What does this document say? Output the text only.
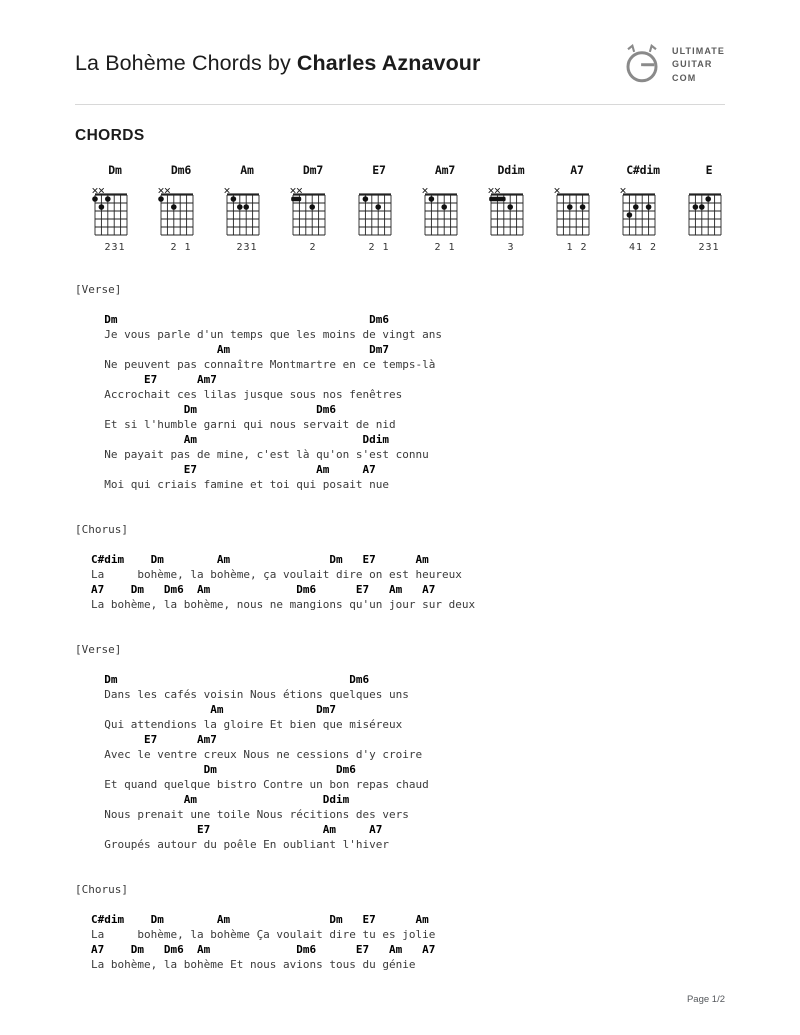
La Bohème Chords by Charles Aznavour	ULTIMATE
GUITAR
COM
CHORDS
Dm
231
Dm6
2 1
Am
231
Dm7
2
E7
2 1
Am7
2 1
Ddim
3
A7
1 2
C#dim
41 2
E
231
[Verse]
Dm                                      Dm6
Je vous parle d'un temps que les moins de vingt ans
Am                     Dm7
Ne peuvent pas connaître Montmartre en ce temps-là
E7      Am7
Accrochait ces lilas jusque sous nos fenêtres
Dm                  Dm6
Et si l'humble garni qui nous servait de nid
Am                         Ddim
Ne payait pas de mine, c'est là qu'on s'est connu
E7                  Am     A7
Moi qui criais famine et toi qui posait nue
[Chorus]
C#dim    Dm        Am               Dm   E7      Am
La     bohème, la bohème, ça voulait dire on est heureux
A7    Dm   Dm6  Am             Dm6      E7   Am   A7
La bohème, la bohème, nous ne mangions qu'un jour sur deux
[Verse]
Dm                                   Dm6
Dans les cafés voisin Nous étions quelques uns
Am              Dm7
Qui attendions la gloire Et bien que miséreux
E7      Am7
Avec le ventre creux Nous ne cessions d'y croire
Dm                  Dm6
Et quand quelque bistro Contre un bon repas chaud
Am                   Ddim
Nous prenait une toile Nous récitions des vers
E7                 Am     A7
Groupés autour du poêle En oubliant l'hiver
[Chorus]
C#dim    Dm        Am               Dm   E7      Am
La     bohème, la bohème Ça voulait dire tu es jolie
A7    Dm   Dm6  Am             Dm6      E7   Am   A7
La bohème, la bohème Et nous avions tous du génie
Page 1/2
